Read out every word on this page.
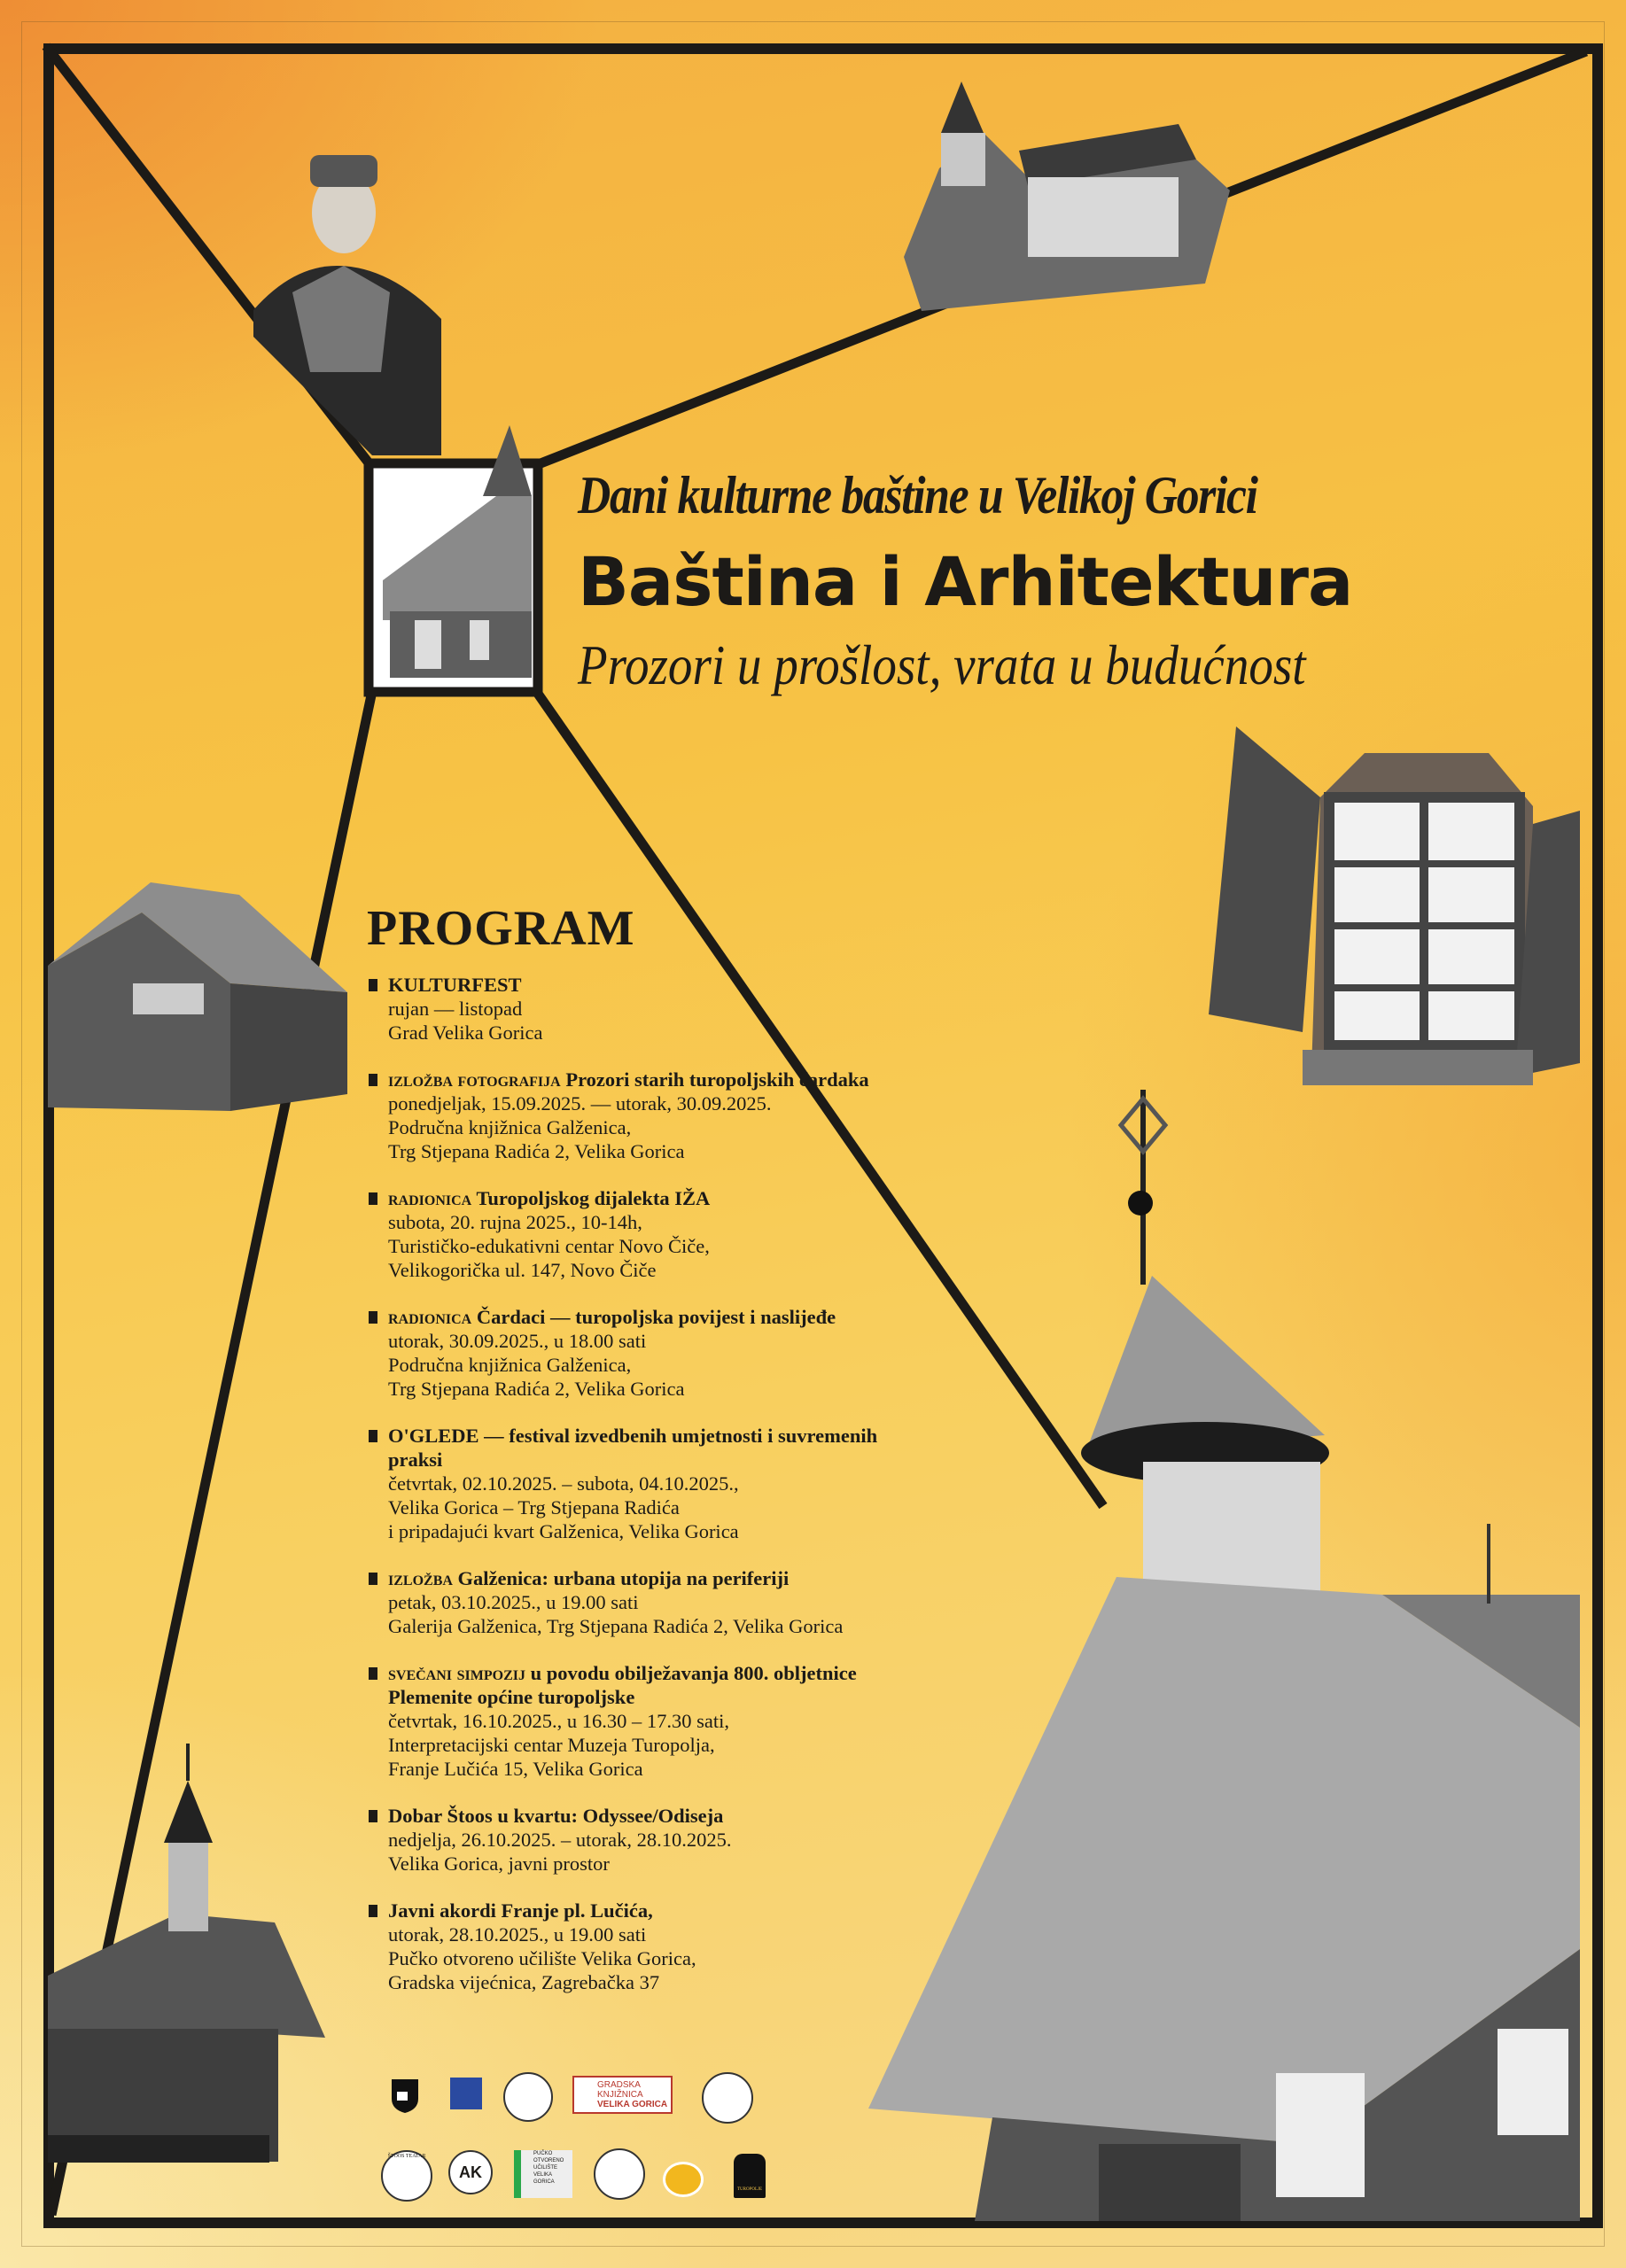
Dani kulturne baštine u Velikoj Gorici
Baština i Arhitektura
Prozori u prošlost, vrata u budućnost
PROGRAM
KULTURFEST
rujan — listopad
Grad Velika Gorica
izložba fotografija Prozori starih turopoljskih čardaka
ponedjeljak, 15.09.2025. — utorak, 30.09.2025.
Područna knjižnica Galženica,
Trg Stjepana Radića 2, Velika Gorica
radionica Turopoljskog dijalekta IŽA
subota, 20. rujna 2025., 10-14h,
Turističko-edukativni centar Novo Čiče,
Velikogorička ul. 147, Novo Čiče
radionica Čardaci — turopoljska povijest i naslijeđe
utorak, 30.09.2025., u 18.00 sati
Područna knjižnica Galženica,
Trg Stjepana Radića 2, Velika Gorica
O'GLEDE — festival izvedbenih umjetnosti i suvremenih praksi
četvrtak, 02.10.2025. – subota, 04.10.2025.,
Velika Gorica – Trg Stjepana Radića
i pripadajući kvart Galženica, Velika Gorica
izložba Galženica: urbana utopija na periferiji
petak, 03.10.2025., u 19.00 sati
Galerija Galženica, Trg Stjepana Radića 2, Velika Gorica
svečani simpozij u povodu obilježavanja 800. obljetnice Plemenite općine turopoljske
četvrtak, 16.10.2025., u 16.30 – 17.30 sati,
Interpretacijski centar Muzeja Turopolja,
Franje Lučića 15, Velika Gorica
Dobar Štoos u kvartu: Odyssee/Odiseja
nedjelja, 26.10.2025. – utorak, 28.10.2025.
Velika Gorica, javni prostor
Javni akordi Franje pl. Lučića,
utorak, 28.10.2025., u 19.00 sati
Pučko otvoreno učilište Velika Gorica,
Gradska vijećnica, Zagrebačka 37
GRADSKA
KNJIŽNICA
VELIKA GORICA
ŠTOOS TEATAR
AK
PUČKO OTVORENO UČILIŠTE VELIKA GORICA
TUROPOLJE
